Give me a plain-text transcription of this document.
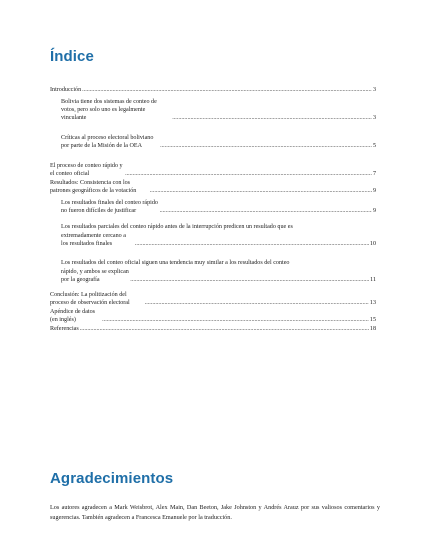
Índice
Introducción .....	3
Bolivia tiene dos sistemas de conteo de votos, pero solo uno es legalmente vinculante .....	3
Críticas al proceso electoral boliviano por parte de la Misión de la OEA .....	5
El proceso de conteo rápido y el conteo oficial .....	7
Resultados: Consistencia con los patrones geográficos de la votación .....	9
Los resultados finales del conteo rápido no fueron difíciles de justificar .....	9
Los resultados parciales del conteo rápido antes de la interrupción predicen un resultado que es
extremadamente cercano a los resultados finales .....	10
Los resultados del conteo oficial siguen una tendencia muy similar a los resultados del conteo
rápido, y ambos se explican por la geografía .....	11
Conclusión: La politización del proceso de observación electoral .....	13
Apéndice de datos (en inglés) .....	15
Referencias .....	18
Agradecimientos
Los autores agradecen a Mark Weisbrot, Alex Main, Dan Beeton, Jake Johnston y Andrés Arauz por sus valiosos comentarios y sugerencias. También agradecen a Francesca Emanuele por la traducción.
